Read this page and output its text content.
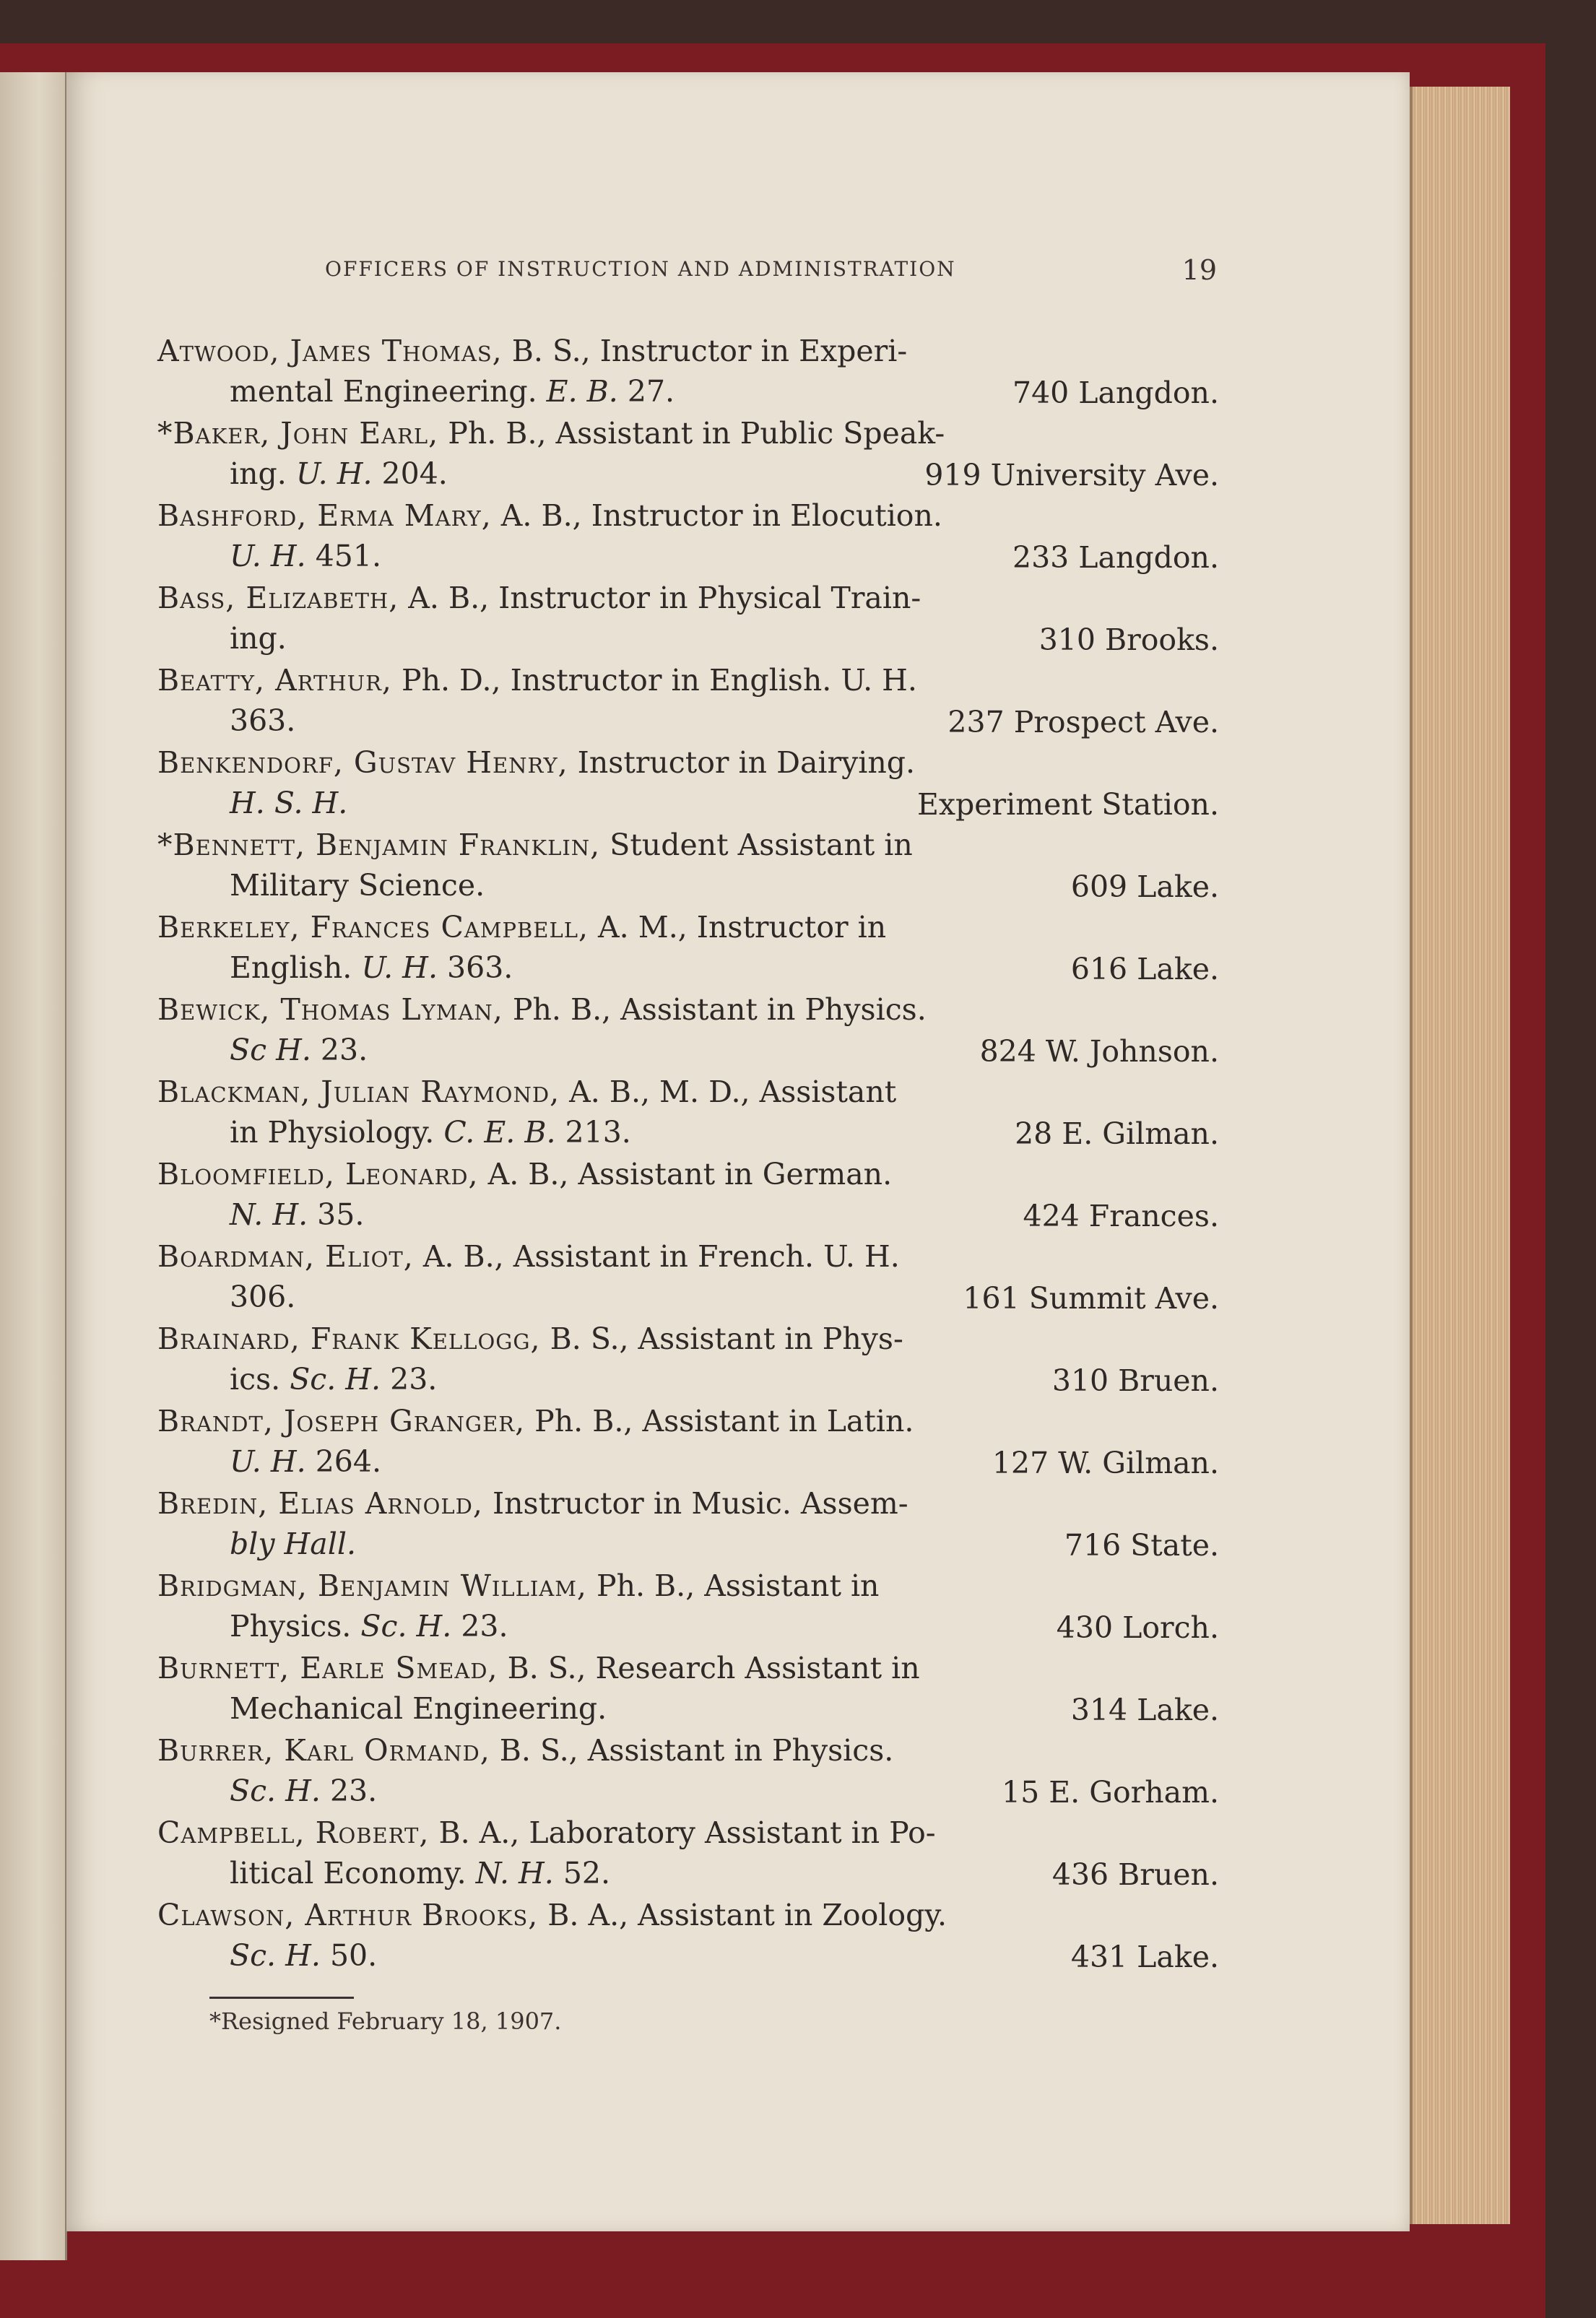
OFFICERS OF INSTRUCTION AND ADMINISTRATION	19
Atwood, James Thomas, B. S., Instructor in Experi-
mental Engineering. E. B. 27.	740 Langdon.
*Baker, John Earl, Ph. B., Assistant in Public Speak-
ing. U. H. 204.	919 University Ave.
Bashford, Erma Mary, A. B., Instructor in Elocution.
U. H. 451.	233 Langdon.
Bass, Elizabeth, A. B., Instructor in Physical Train-
ing.	310 Brooks.
Beatty, Arthur, Ph. D., Instructor in English. U. H.
363.	237 Prospect Ave.
Benkendorf, Gustav Henry, Instructor in Dairying.
H. S. H.	Experiment Station.
*Bennett, Benjamin Franklin, Student Assistant in
Military Science.	609 Lake.
Berkeley, Frances Campbell, A. M., Instructor in
English. U. H. 363.	616 Lake.
Bewick, Thomas Lyman, Ph. B., Assistant in Physics.
Sc H. 23.	824 W. Johnson.
Blackman, Julian Raymond, A. B., M. D., Assistant
in Physiology. C. E. B. 213.	28 E. Gilman.
Bloomfield, Leonard, A. B., Assistant in German.
N. H. 35.	424 Frances.
Boardman, Eliot, A. B., Assistant in French. U. H.
306.	161 Summit Ave.
Brainard, Frank Kellogg, B. S., Assistant in Phys-
ics. Sc. H. 23.	310 Bruen.
Brandt, Joseph Granger, Ph. B., Assistant in Latin.
U. H. 264.	127 W. Gilman.
Bredin, Elias Arnold, Instructor in Music. Assem-
bly Hall.	716 State.
Bridgman, Benjamin William, Ph. B., Assistant in
Physics. Sc. H. 23.	430 Lorch.
Burnett, Earle Smead, B. S., Research Assistant in
Mechanical Engineering.	314 Lake.
Burrer, Karl Ormand, B. S., Assistant in Physics.
Sc. H. 23.	15 E. Gorham.
Campbell, Robert, B. A., Laboratory Assistant in Po-
litical Economy. N. H. 52.	436 Bruen.
Clawson, Arthur Brooks, B. A., Assistant in Zoology.
Sc. H. 50.	431 Lake.
*Resigned February 18, 1907.
